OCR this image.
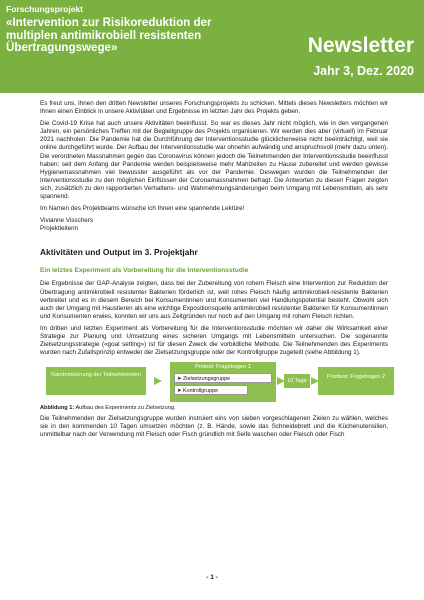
Forschungsprojekt
«Intervention zur Risikoreduktion der multiplen antimikrobiell resistenten Übertragungswege»	Newsletter
Jahr 3, Dez. 2020

Es freut uns, Ihnen den dritten Newsletter unseres Forschungsprojekts zu schicken. Mittels dieses Newsletters möchten wir Ihnen einen Einblick in unsere Aktivitäten und Ergebnisse im letzten Jahr des Projekts geben.

Die Covid-19 Krise hat auch unsere Aktivitäten beeinflusst. So war es dieses Jahr nicht möglich, wie in den vergangenen Jahren, ein persönliches Treffen mit der Begleitgruppe des Projekts organisieren. Wir werden dies aber (virtuell) im Februar 2021 nachholen. Die Pandemie hat die Durchführung der Interventionsstudie glücklicherweise nicht beeinträchtigt, weil sie online durchgeführt wurde. Der Aufbau der Interventionsstudie war ohnehin aufwändig und anspruchsvoll (mehr dazu unten). Die verordneten Massnahmen gegen das Coronavirus können jedoch die Teilnehmenden der Interventionsstudie beeinflusst haben; seit dem Anfang der Pandemie werden beispielsweise mehr Mahlzeiten zu Hause zubereitet und werden gewisse Hygienemassnahmen viel bewusster ausgeführt als vor der Pandemie. Deswegen wurden die Teilnehmenden der Interventionsstudie zu den möglichen Einflüssen der Coronamassnahmen befragt. Die Antworten zu diesen Fragen zeigten sich, zusätzlich zu den rapportierten Verhaltens- und Wahrnehmungsänderungen beim Umgang mit Lebensmitteln, als sehr spannend.

Im Namen des Projektteams wünsche ich Ihnen eine spannende Lektüre!

Vivianne Visschers
Projektleiterin
Aktivitäten und Output im 3. Projektjahr
Ein letztes Experiment als Vorbereitung für die Interventionsstudie

Die Ergebnisse der GAP-Analyse zeigten, dass bei der Zubereitung von rohem Fleisch eine Intervention zur Reduktion der Übertragung antimikrobiell resistenter Bakterien förderlich ist, weil rohes Fleisch häufig antimikrobiell-resistente Bakterien verbreitet und es in diesem Bereich bei Konsumentinnen und Konsumenten viel Handlungspotential besteht. Obwohl sich auch der Umgang mit Haustieren als eine wichtige Expositionsquelle antimikrobiell resistenter Bakterien für Konsumentinnen und Konsumenten erwies, konnten wir uns aus Zeitgründen nur noch auf den Umgang mit rohem Fleisch richten.

Im dritten und letzten Experiment als Vorbereitung für die Interventionsstudie möchten wir daher die Wirksamkeit einer Strategie zur Planung und Umsetzung eines sicheren Umgangs mit Lebensmitteln untersuchen. Die sogenannte Zielsetzungsstrategie («goal setting») ist für diesen Zweck die vorbildliche Methode. Die Teilnehmenden des Experiments wurden nach Zufallsprinzip entweder der Zielsetzungsgruppe oder der Kontrollgruppe zugeteilt (siehe Abbildung 1).

Randomisierung der Teilnehmenden
Pretest: Fragebogen 1
➤ Zielsetzungsgruppe
➤ Kontrollgruppe
10 Tage
Posttest: Fragebogen 2
Abbildung 1: Aufbau des Experiments zu Zielsetzung.

Die Teilnehmenden der Zielsetzungsgruppe wurden instruiert eins von sieben vorgeschlagenen Zielen zu wählen, welches sie in den kommenden 10 Tagen umsetzen möchten (z. B. Hände, sowie das Schneidebrett und die Küchenutensilien, unmittelbar nach der Verwendung mit Fleisch oder Fisch gründlich mit Seife waschen oder Fleisch oder Fisch

- 1 -
